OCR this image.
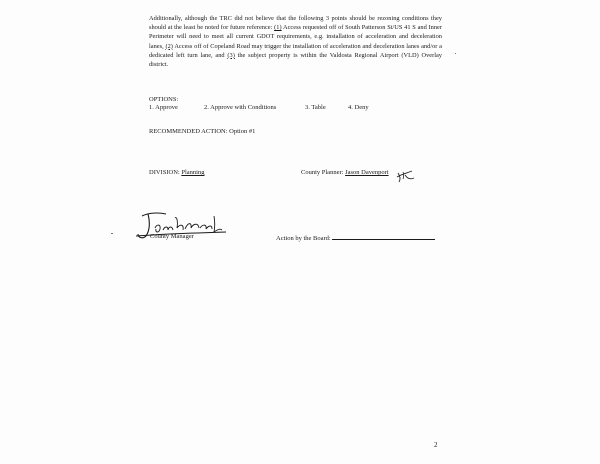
Additionally, although the TRC did not believe that the following 3 points should be rezoning conditions they should at the least be noted for future reference: (1) Access requested off of South Patterson St/US 41 S and Inner Perimeter will need to meet all current GDOT requirements, e.g. installation of acceleration and deceleration lanes, (2) Access off of Copeland Road may trigger the installation of acceleration and deceleration lanes and/or a dedicated left turn lane, and (3) the subject property is within the Valdosta Regional Airport (VLD) Overlay district.
OPTIONS:
1. Approve	2. Approve with Conditions	3. Table	4. Deny
RECOMMENDED ACTION: Option #1
DIVISION: Planning	County Planner: Jason Davenport
County Manager	Action by the Board:
2
